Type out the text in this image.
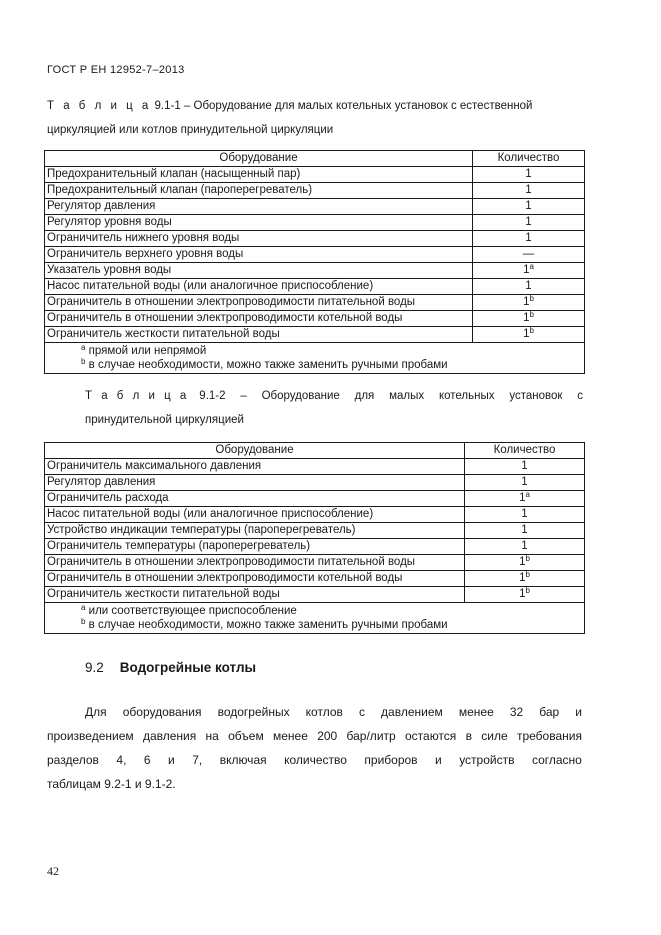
ГОСТ Р ЕН 12952-7–2013
Т а б л и ц а 9.1-1 – Оборудование для малых котельных установок с естественной
циркуляцией или котлов принудительной циркуляции
Оборудование	Количество
Предохранительный клапан (насыщенный пар)	1
Предохранительный клапан (пароперегреватель)	1
Регулятор давления	1
Регулятор уровня воды	1
Ограничитель нижнего уровня воды	1
Ограничитель верхнего уровня воды	—
Указатель уровня воды	1$^a$
Насос питательной воды (или аналогичное приспособление)	1
Ограничитель в отношении электропроводимости питательной воды	1$^b$
Ограничитель в отношении электропроводимости котельной воды	1$^b$
Ограничитель жесткости питательной воды	1$^b$

$^a$ прямой или непрямой
$^b$ в случае необходимости, можно также заменить ручными пробами	
Т а б л и ц а 9.1-2 – Оборудование для малых котельных установок с
принудительной циркуляцией
Оборудование	Количество
Ограничитель максимального давления	1
Регулятор давления	1
Ограничитель расхода	1$^a$
Насос питательной воды (или аналогичное приспособление)	1
Устройство индикации температуры (пароперегреватель)	1
Ограничитель температуры (пароперегреватель)	1
Ограничитель в отношении электропроводимости питательной воды	1$^b$
Ограничитель в отношении электропроводимости котельной воды	1$^b$
Ограничитель жесткости питательной воды	1$^b$

$^a$ или соответствующее приспособление
$^b$ в случае необходимости, можно также заменить ручными пробами	
9.2 Водогрейные котлы
Для оборудования водогрейных котлов с давлением менее 32 бар и
произведением давления на объем менее 200 бар/литр остаются в силе требования
разделов 4, 6 и 7, включая количество приборов и устройств согласно
таблицам 9.2-1 и 9.1-2.
42
